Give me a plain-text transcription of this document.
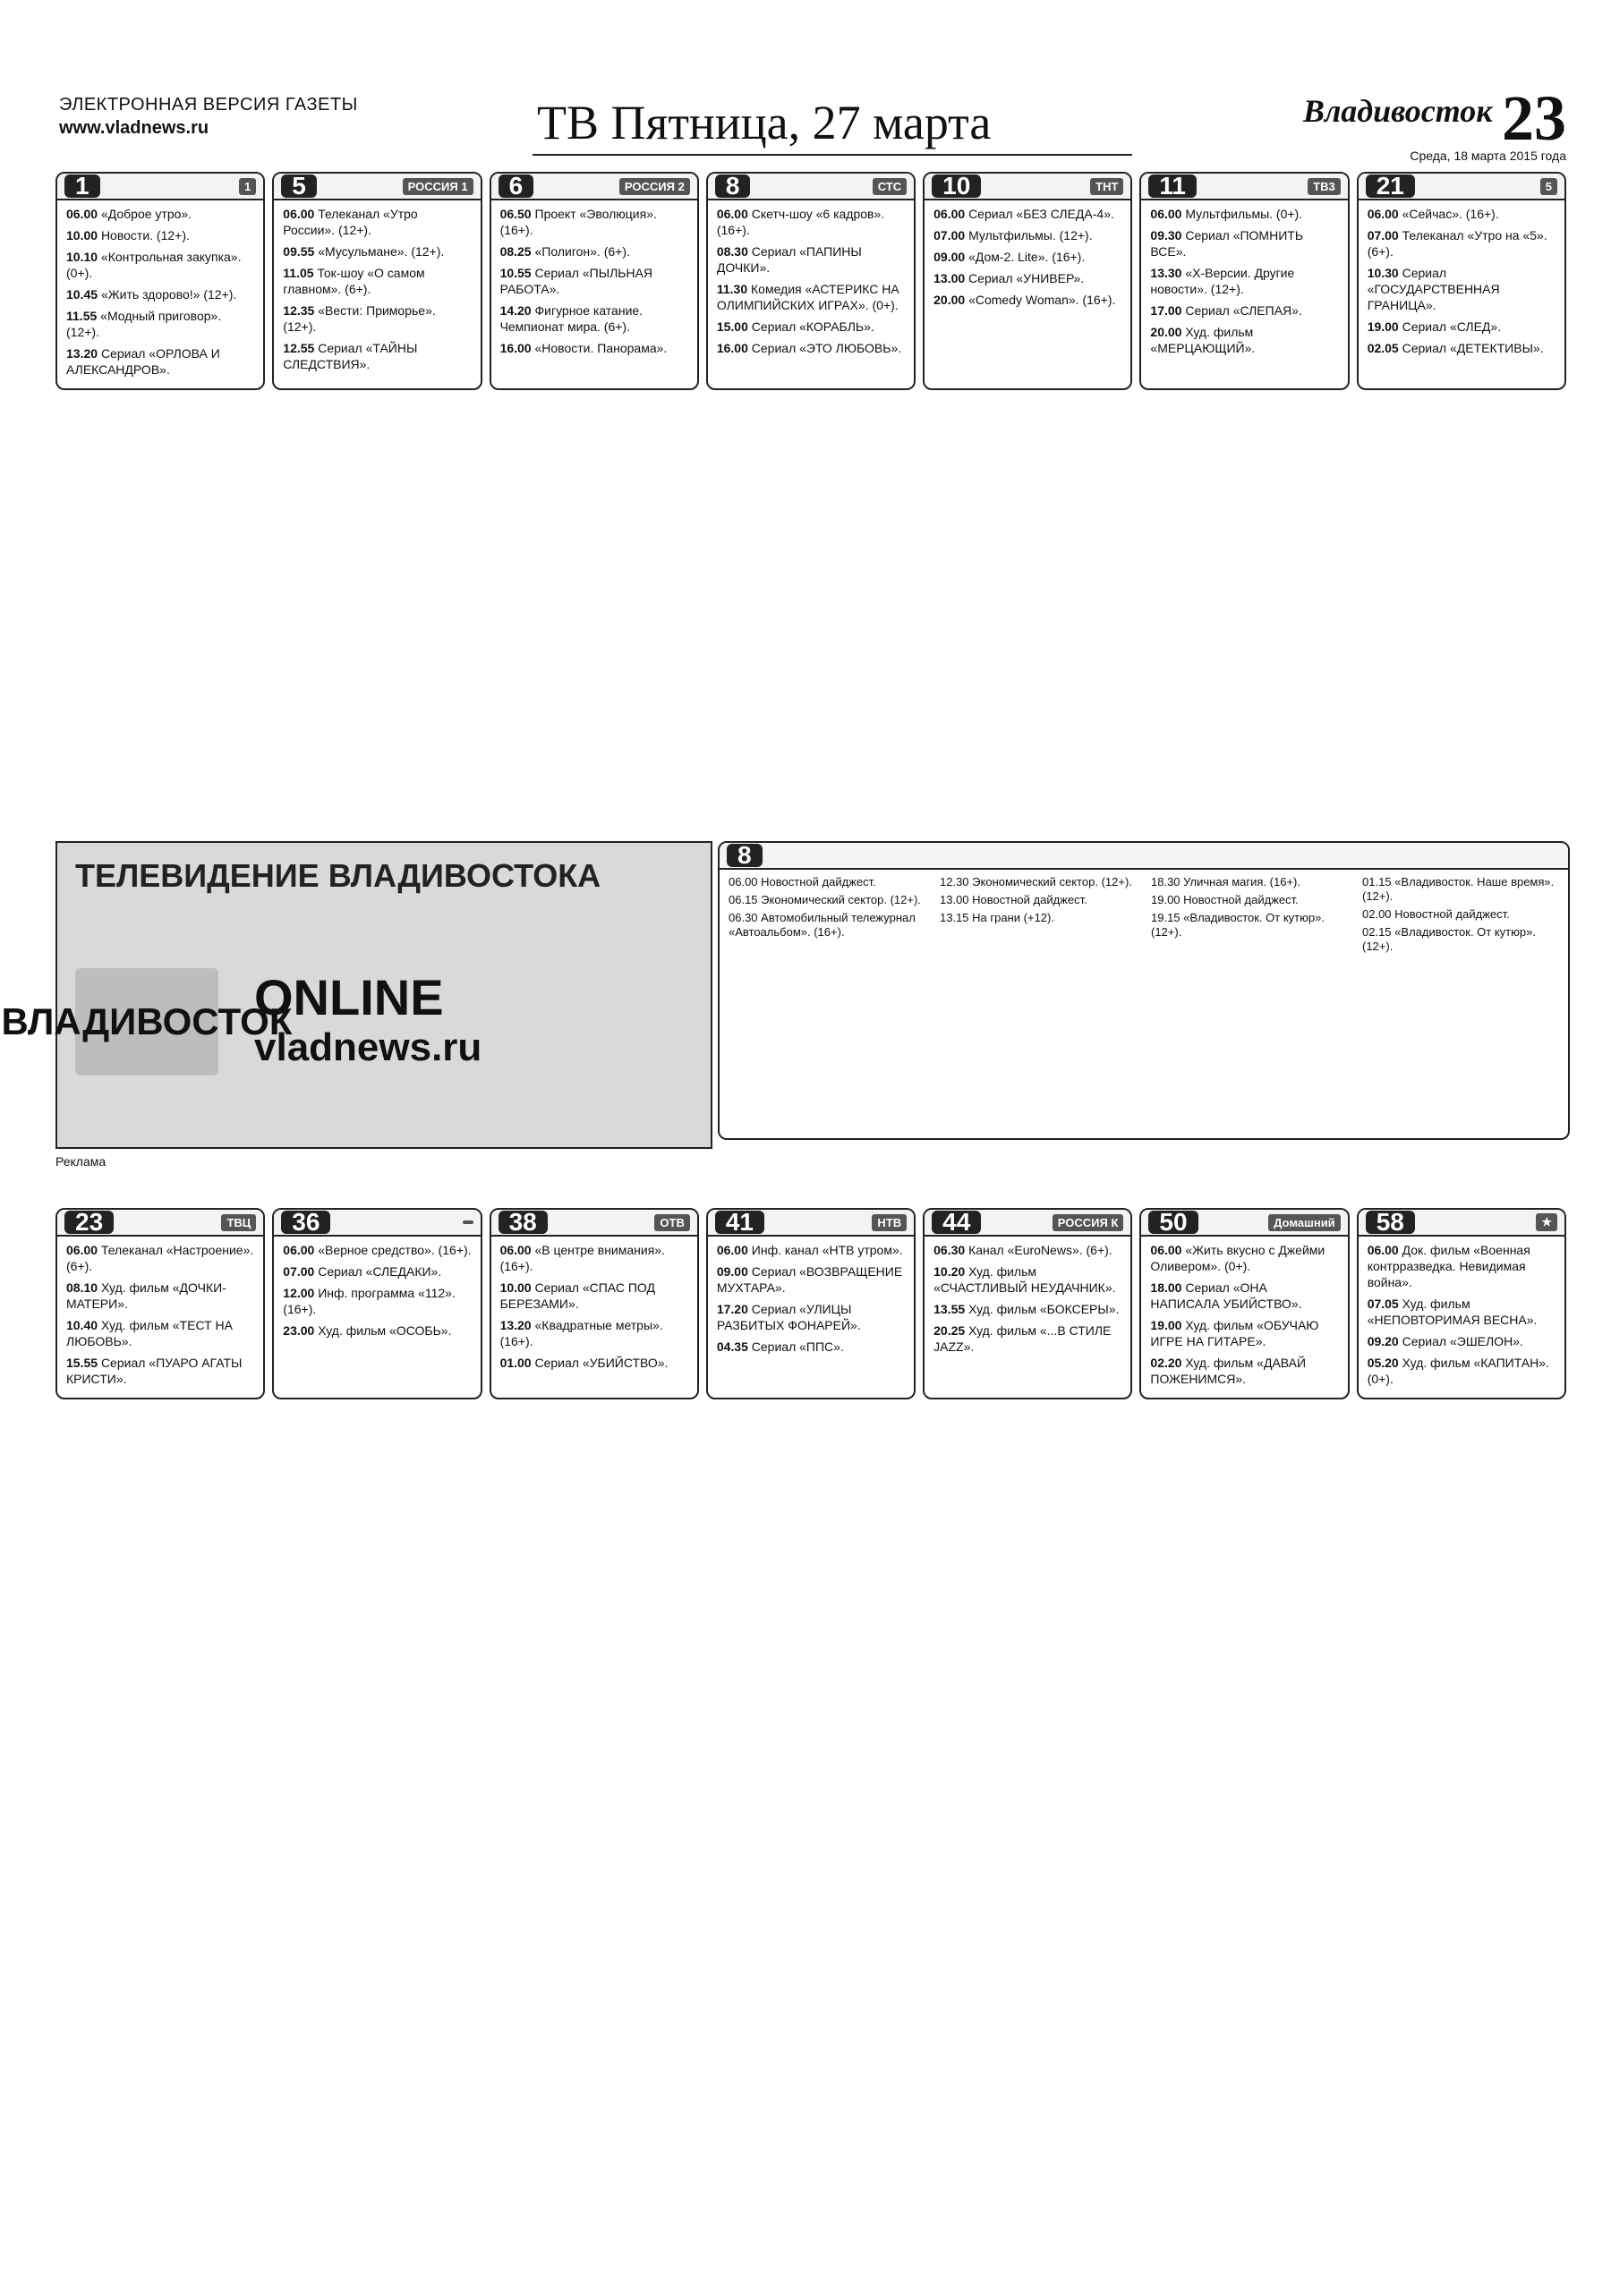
ЭЛЕКТРОННАЯ ВЕРСИЯ ГАЗЕТЫ
www.vladnews.ru	ТВ Пятница, 27 марта	Владивосток 23
Среда, 18 марта 2015 года
1	1
06.00 «Доброе утро».
10.00 Новости. (12+).
10.10 «Контрольная закупка». (0+).
10.45 «Жить здорово!» (12+).
11.55 «Модный приговор». (12+).
13.20 Сериал «ОРЛОВА И АЛЕКСАНДРОВ».
5	РОССИЯ 1
06.00 Телеканал «Утро России». (12+).
09.55 «Мусульмане». (12+).
11.05 Ток-шоу «О самом главном». (6+).
12.35 «Вести: Приморье». (12+).
12.55 Сериал «ТАЙНЫ СЛЕДСТВИЯ».
6	РОССИЯ 2
06.50 Проект «Эволюция». (16+).
08.25 «Полигон». (6+).
10.55 Сериал «ПЫЛЬНАЯ РАБОТА».
14.20 Фигурное катание. Чемпионат мира. (6+).
16.00 «Новости. Панорама».
8	СТС
06.00 Скетч-шоу «6 кадров». (16+).
08.30 Сериал «ПАПИНЫ ДОЧКИ».
11.30 Комедия «АСТЕРИКС НА ОЛИМПИЙСКИХ ИГРАХ». (0+).
15.00 Сериал «КОРАБЛЬ».
16.00 Сериал «ЭТО ЛЮБОВЬ».
10	ТНТ
06.00 Сериал «БЕЗ СЛЕДА-4».
07.00 Мультфильмы. (12+).
09.00 «Дом-2. Lite». (16+).
13.00 Сериал «УНИВЕР».
20.00 «Comedy Woman». (16+).
11	ТВ3
06.00 Мультфильмы. (0+).
09.30 Сериал «ПОМНИТЬ ВСЕ».
13.30 «Х-Версии. Другие новости». (12+).
17.00 Сериал «СЛЕПАЯ».
20.00 Худ. фильм «МЕРЦАЮЩИЙ».
21	5
06.00 «Сейчас». (16+).
07.00 Телеканал «Утро на «5». (6+).
10.30 Сериал «ГОСУДАРСТВЕННАЯ ГРАНИЦА».
19.00 Сериал «СЛЕД».
02.05 Сериал «ДЕТЕКТИВЫ».
ТЕЛЕВИДЕНИЕ ВЛАДИВОСТОКА
ВЛАДИВОСТОК
ONLINE
vladnews.ru
Реклама
8
06.00 Новостной дайджест.
06.15 Экономический сектор. (12+).
06.30 Автомобильный тележурнал «Автоальбом». (16+).
12.30 Экономический сектор. (12+).
13.00 Новостной дайджест.
13.15 На грани (+12).
18.30 Уличная магия. (16+).
19.00 Новостной дайджест.
19.15 «Владивосток. От кутюр». (12+).
01.15 «Владивосток. Наше время». (12+).
02.00 Новостной дайджест.
02.15 «Владивосток. От кутюр». (12+).
23	ТВЦ
06.00 Телеканал «Настроение». (6+).
08.10 Худ. фильм «ДОЧКИ-МАТЕРИ».
10.40 Худ. фильм «ТЕСТ НА ЛЮБОВЬ».
15.55 Сериал «ПУАРО АГАТЫ КРИСТИ».
36
06.00 «Верное средство». (16+).
07.00 Сериал «СЛЕДАКИ».
12.00 Инф. программа «112». (16+).
23.00 Худ. фильм «ОСОБЬ».
38	ОТВ
06.00 «В центре внимания». (16+).
10.00 Сериал «СПАС ПОД БЕРЕЗАМИ».
13.20 «Квадратные метры». (16+).
01.00 Сериал «УБИЙСТВО».
41	НТВ
06.00 Инф. канал «НТВ утром».
09.00 Сериал «ВОЗВРАЩЕНИЕ МУХТАРА».
17.20 Сериал «УЛИЦЫ РАЗБИТЫХ ФОНАРЕЙ».
04.35 Сериал «ППС».
44	РОССИЯ К
06.30 Канал «EuroNews». (6+).
10.20 Худ. фильм «СЧАСТЛИВЫЙ НЕУДАЧНИК».
13.55 Худ. фильм «БОКСЕРЫ».
20.25 Худ. фильм «...В СТИЛЕ JAZZ».
50	Домашний
06.00 «Жить вкусно с Джейми Оливером». (0+).
18.00 Сериал «ОНА НАПИСАЛА УБИЙСТВО».
19.00 Худ. фильм «ОБУЧАЮ ИГРЕ НА ГИТАРЕ».
02.20 Худ. фильм «ДАВАЙ ПОЖЕНИМСЯ».
58	★
06.00 Док. фильм «Военная контрразведка. Невидимая война».
07.05 Худ. фильм «НЕПОВТОРИМАЯ ВЕСНА».
09.20 Сериал «ЭШЕЛОН».
05.20 Худ. фильм «КАПИТАН». (0+).
